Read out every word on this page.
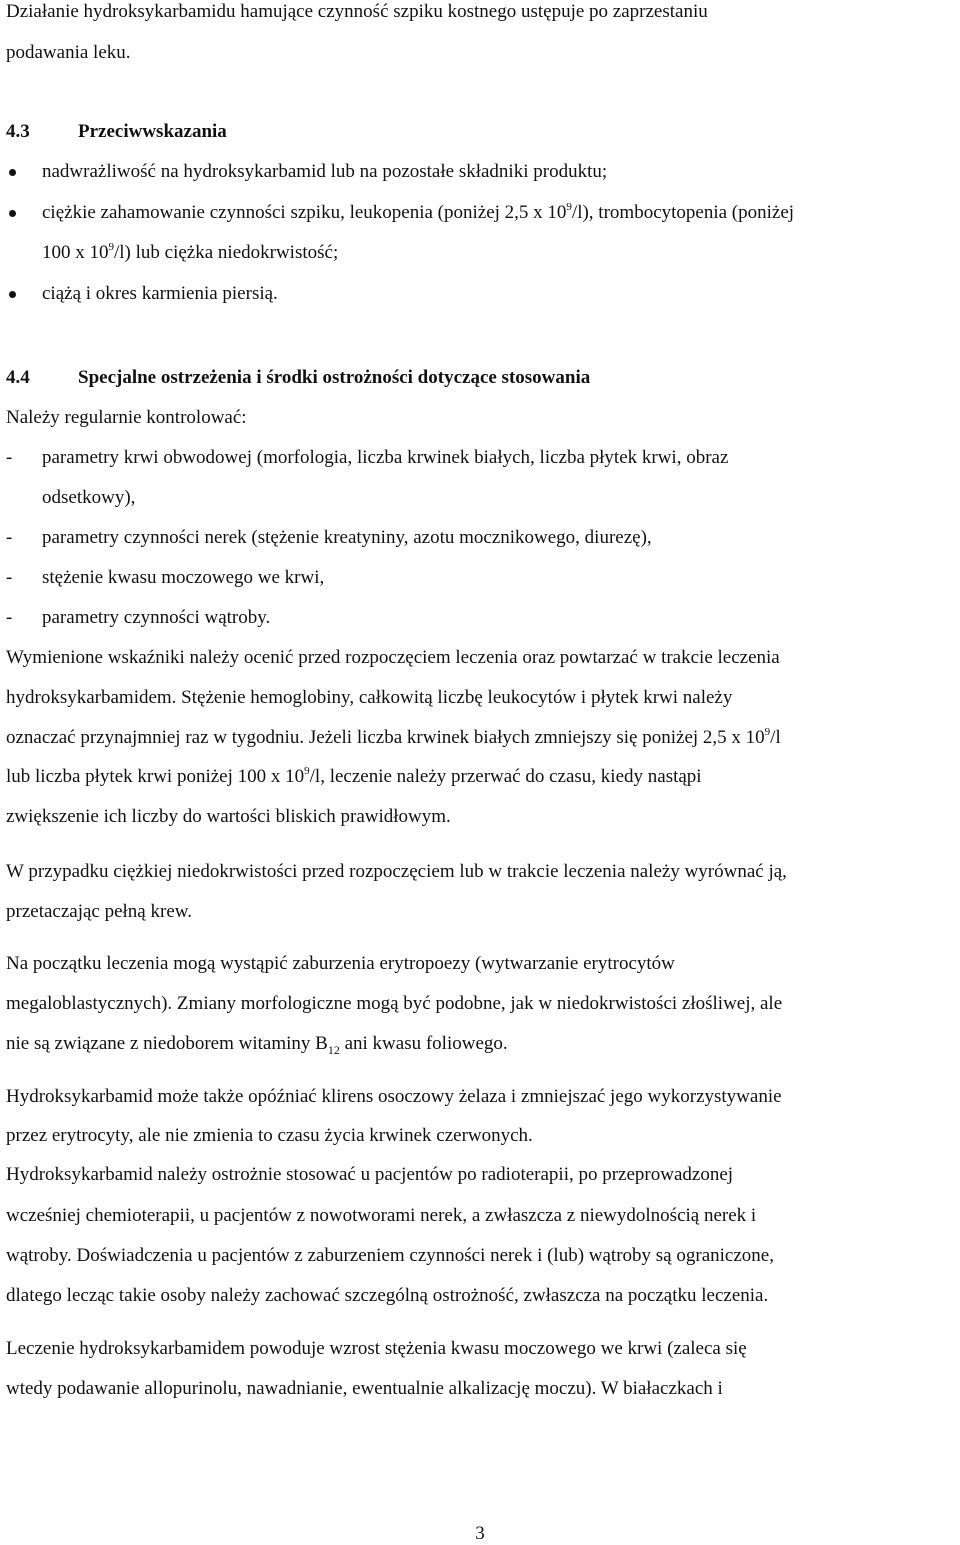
Działanie hydroksykarbamidu hamujące czynność szpiku kostnego ustępuje po zaprzestaniu
podawania leku.
4.3	Przeciwwskazania
nadwrażliwość na hydroksykarbamid lub na pozostałe składniki produktu;
ciężkie zahamowanie czynności szpiku, leukopenia (poniżej 2,5 x $10^9/l$), trombocytopenia (poniżej
100 x $10^9/l$) lub ciężka niedokrwistość;
ciążą i okres karmienia piersią.
4.4	Specjalne ostrzeżenia i środki ostrożności dotyczące stosowania
Należy regularnie kontrolować:
- parametry krwi obwodowej (morfologia, liczba krwinek białych, liczba płytek krwi, obraz
odsetkowy),
- parametry czynności nerek (stężenie kreatyniny, azotu mocznikowego, diurezę),
- stężenie kwasu moczowego we krwi,
- parametry czynności wątroby.
Wymienione wskaźniki należy ocenić przed rozpoczęciem leczenia oraz powtarzać w trakcie leczenia
hydroksykarbamidem. Stężenie hemoglobiny, całkowitą liczbę leukocytów i płytek krwi należy
oznaczać przynajmniej raz w tygodniu. Jeżeli liczba krwinek białych zmniejszy się poniżej 2,5 x $10^9/l$
lub liczba płytek krwi poniżej 100 x $10^9/l$, leczenie należy przerwać do czasu, kiedy nastąpi
zwiększenie ich liczby do wartości bliskich prawidłowym.
W przypadku ciężkiej niedokrwistości przed rozpoczęciem lub w trakcie leczenia należy wyrównać ją,
przetaczając pełną krew.
Na początku leczenia mogą wystąpić zaburzenia erytropoezy (wytwarzanie erytrocytów
megaloblastycznych). Zmiany morfologiczne mogą być podobne, jak w niedokrwistości złośliwej, ale
nie są związane z niedoborem witaminy $B_{12}$ ani kwasu foliowego.
Hydroksykarbamid może także opóźniać klirens osoczowy żelaza i zmniejszać jego wykorzystywanie
przez erytrocyty, ale nie zmienia to czasu życia krwinek czerwonych.
Hydroksykarbamid należy ostrożnie stosować u pacjentów po radioterapii, po przeprowadzonej
wcześniej chemioterapii, u pacjentów z nowotworami nerek, a zwłaszcza z niewydolnością nerek i
wątroby. Doświadczenia u pacjentów z zaburzeniem czynności nerek i (lub) wątroby są ograniczone,
dlatego lecząc takie osoby należy zachować szczególną ostrożność, zwłaszcza na początku leczenia.
Leczenie hydroksykarbamidem powoduje wzrost stężenia kwasu moczowego we krwi (zaleca się
wtedy podawanie allopurinolu, nawadnianie, ewentualnie alkalizację moczu). W białaczkach i
3
